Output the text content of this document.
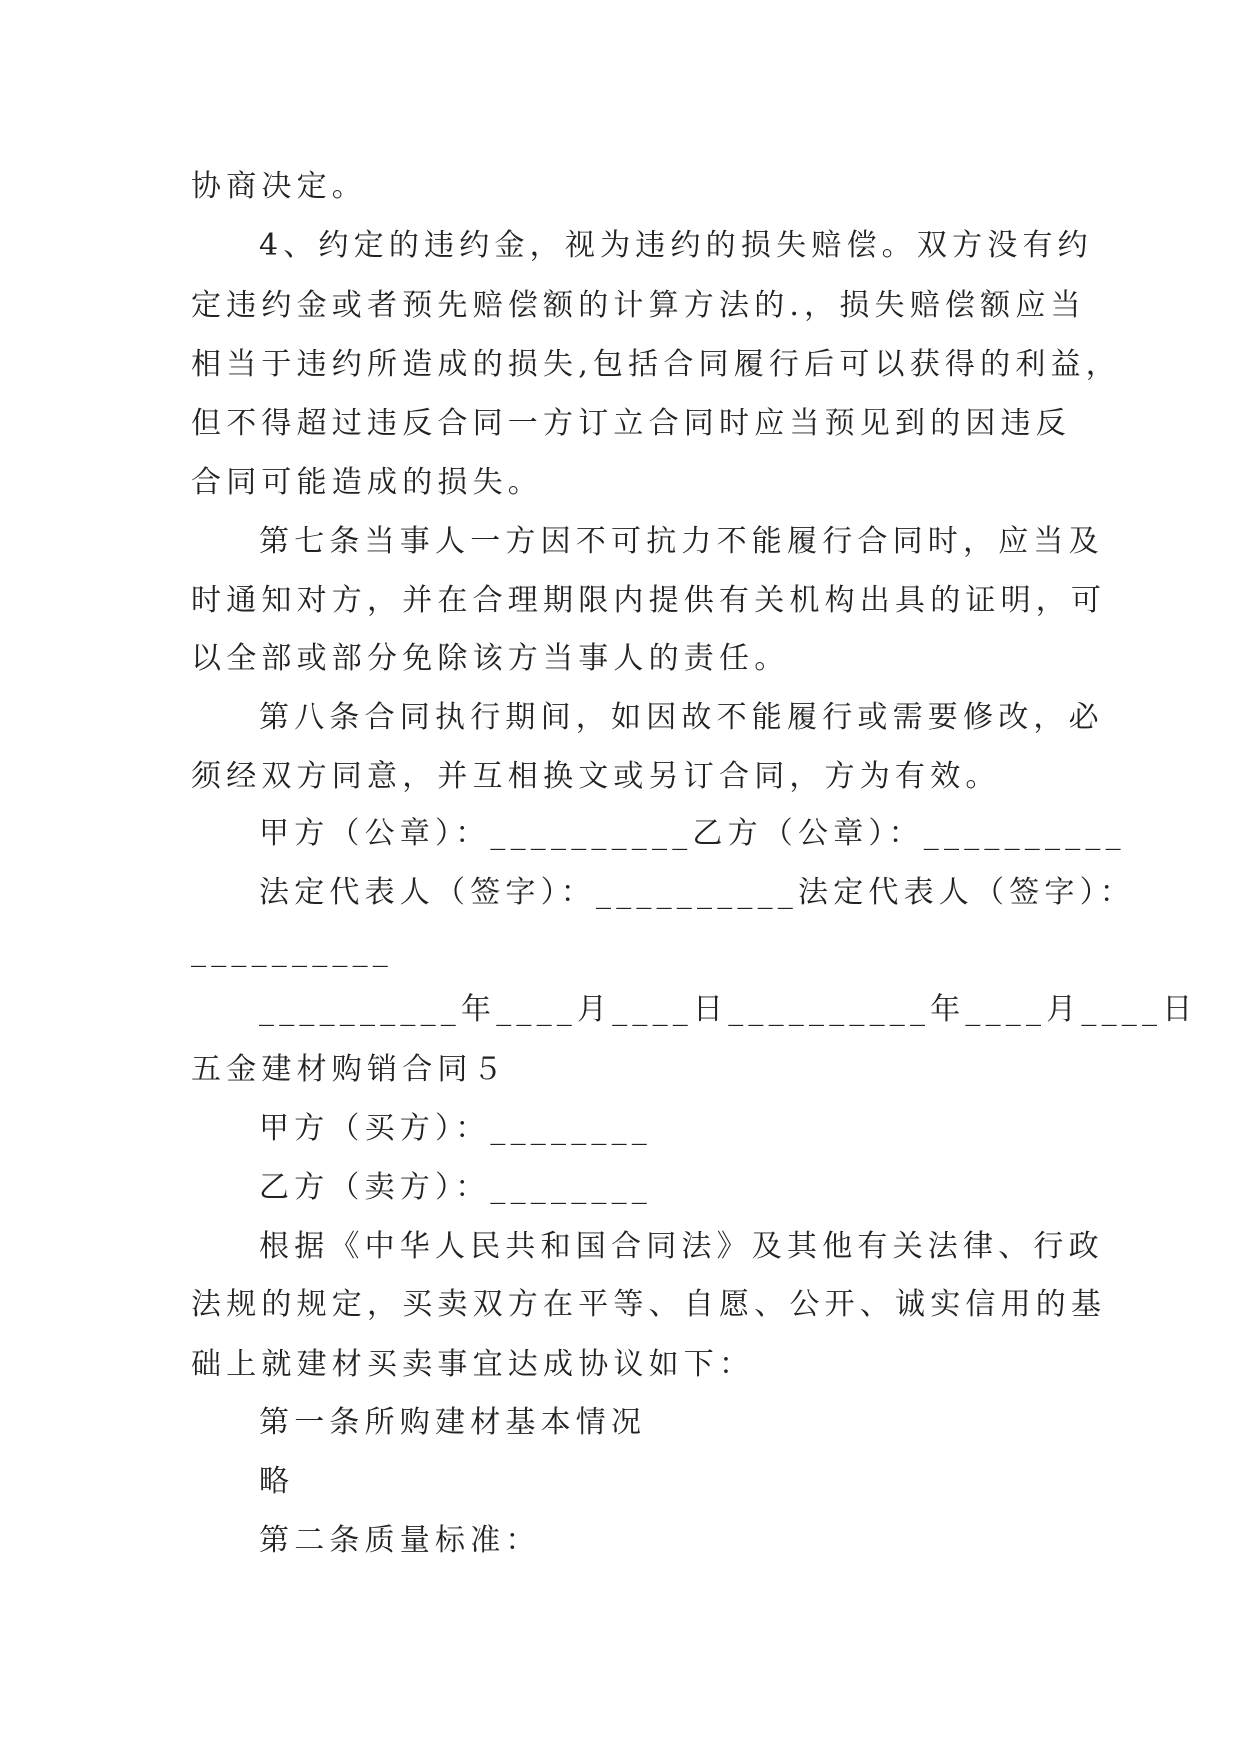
协商决定。

4、约定的违约金，视为违约的损失赔偿。双方没有约

定违约金或者预先赔偿额的计算方法的.，损失赔偿额应当

相当于违约所造成的损失,包括合同履行后可以获得的利益，

但不得超过违反合同一方订立合同时应当预见到的因违反

合同可能造成的损失。

第七条当事人一方因不可抗力不能履行合同时，应当及

时通知对方，并在合理期限内提供有关机构出具的证明，可

以全部或部分免除该方当事人的责任。

第八条合同执行期间，如因故不能履行或需要修改，必

须经双方同意，并互相换文或另订合同，方为有效。

甲方（公章）：__________乙方（公章）：__________

法定代表人（签字）：__________法定代表人（签字）：

__________

__________年____月____日__________年____月____日

五金建材购销合同５

甲方（买方）：________

乙方（卖方）：________

根据《中华人民共和国合同法》及其他有关法律、行政

法规的规定，买卖双方在平等、自愿、公开、诚实信用的基

础上就建材买卖事宜达成协议如下：

第一条所购建材基本情况

略

第二条质量标准：
